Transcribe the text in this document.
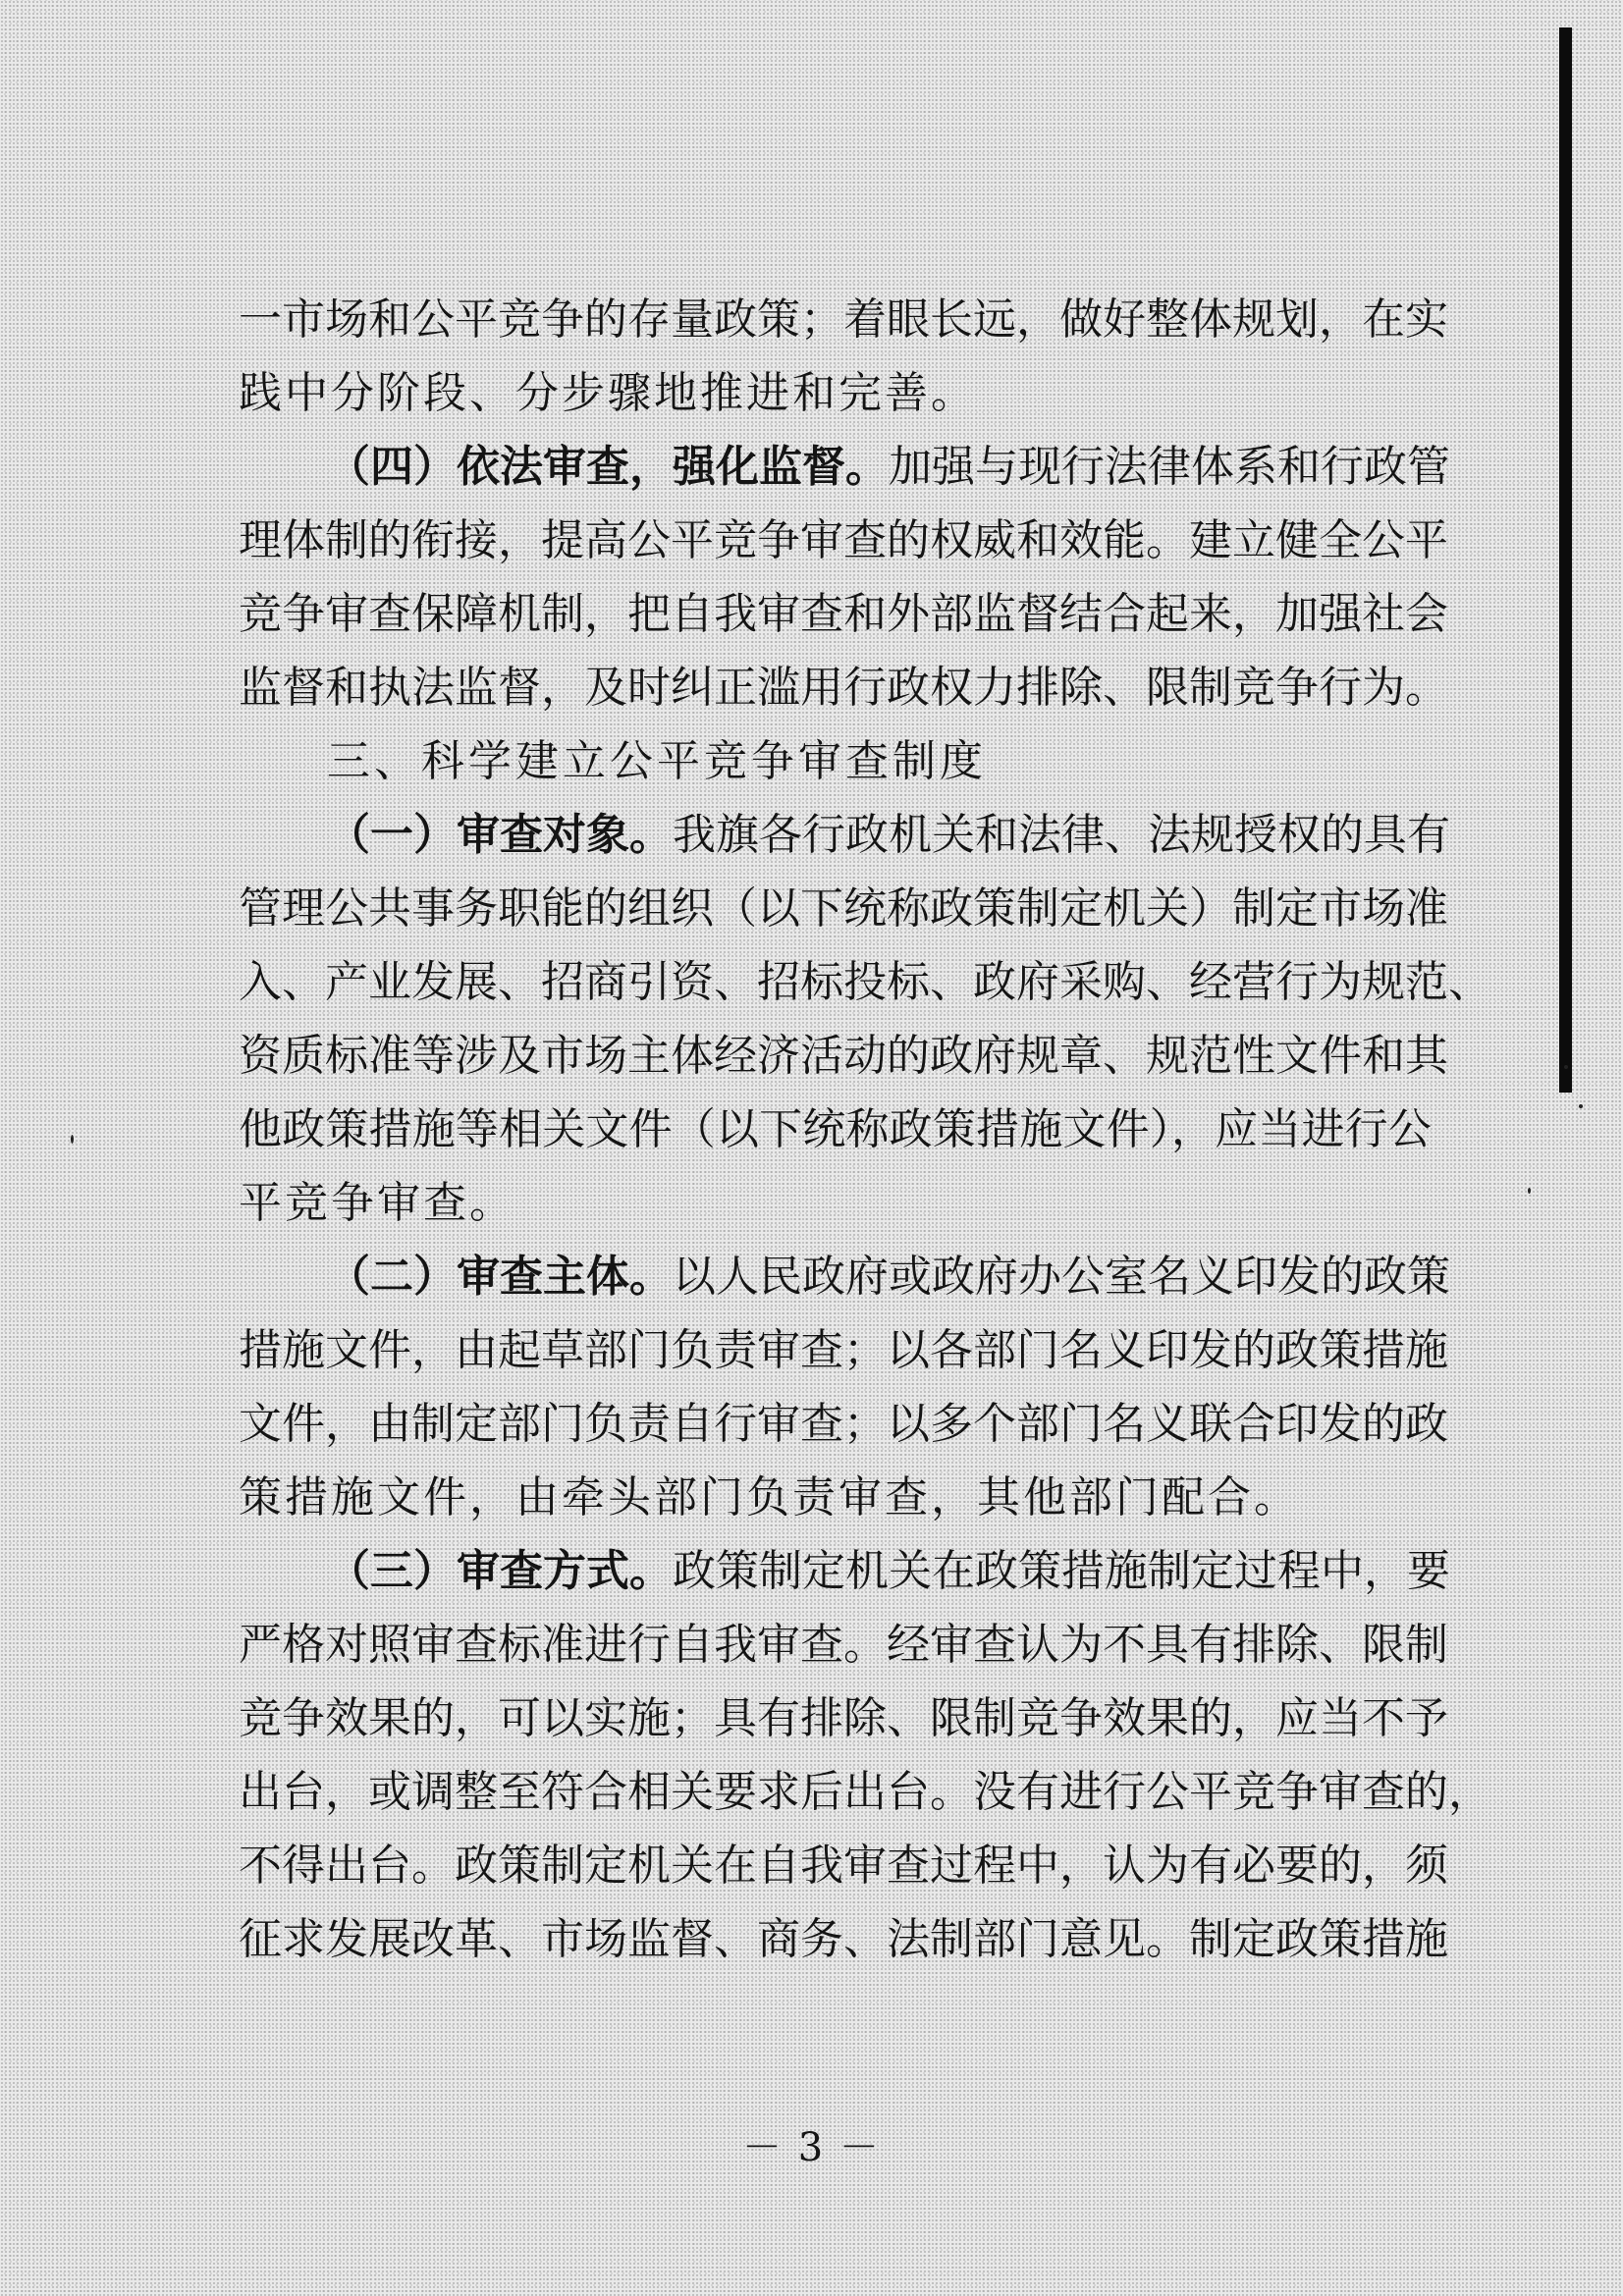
一市场和公平竞争的存量政策；着眼长远，做好整体规划，在实
践中分阶段、分步骤地推进和完善。
（四）依法审查，强化监督。加强与现行法律体系和行政管
理体制的衔接，提高公平竞争审查的权威和效能。建立健全公平
竞争审查保障机制，把自我审查和外部监督结合起来，加强社会
监督和执法监督，及时纠正滥用行政权力排除、限制竞争行为。
三、科学建立公平竞争审查制度
（一）审查对象。我旗各行政机关和法律、法规授权的具有
管理公共事务职能的组织（以下统称政策制定机关）制定市场准
入、产业发展、招商引资、招标投标、政府采购、经营行为规范、
资质标准等涉及市场主体经济活动的政府规章、规范性文件和其
他政策措施等相关文件（以下统称政策措施文件），应当进行公
平竞争审查。
（二）审查主体。以人民政府或政府办公室名义印发的政策
措施文件，由起草部门负责审查；以各部门名义印发的政策措施
文件，由制定部门负责自行审查；以多个部门名义联合印发的政
策措施文件，由牵头部门负责审查，其他部门配合。
（三）审查方式。政策制定机关在政策措施制定过程中，要
严格对照审查标准进行自我审查。经审查认为不具有排除、限制
竞争效果的，可以实施；具有排除、限制竞争效果的，应当不予
出台，或调整至符合相关要求后出台。没有进行公平竞争审查的，
不得出台。政策制定机关在自我审查过程中，认为有必要的，须
征求发展改革、市场监督、商务、法制部门意见。制定政策措施
－ 3 －
